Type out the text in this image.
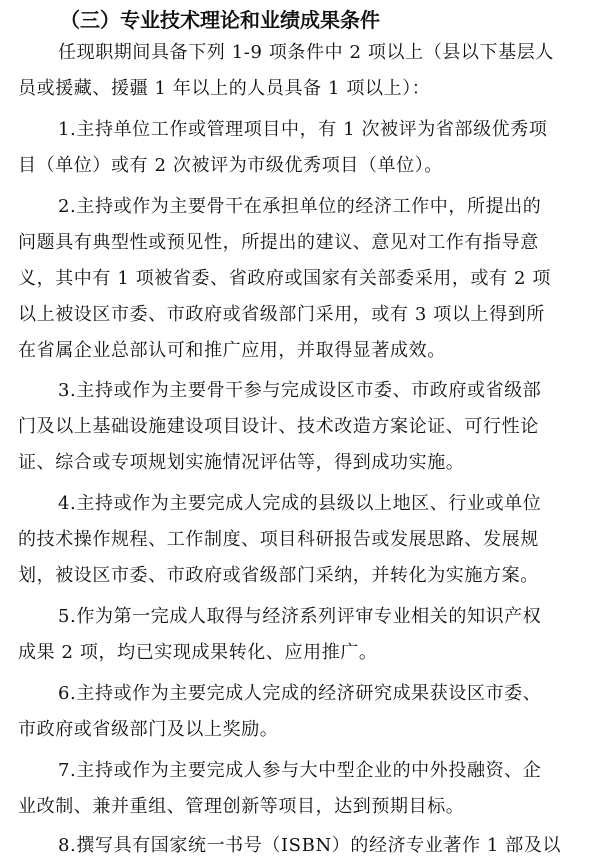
（三）专业技术理论和业绩成果条件
任现职期间具备下列 1-9 项条件中 2 项以上（县以下基层人
员或援藏、援疆 1 年以上的人员具备 1 项以上）：
1.主持单位工作或管理项目中，有 1 次被评为省部级优秀项
目（单位）或有 2 次被评为市级优秀项目（单位）。
2.主持或作为主要骨干在承担单位的经济工作中，所提出的
问题具有典型性或预见性，所提出的建议、意见对工作有指导意
义，其中有 1 项被省委、省政府或国家有关部委采用，或有 2 项
以上被设区市委、市政府或省级部门采用，或有 3 项以上得到所
在省属企业总部认可和推广应用，并取得显著成效。
3.主持或作为主要骨干参与完成设区市委、市政府或省级部
门及以上基础设施建设项目设计、技术改造方案论证、可行性论
证、综合或专项规划实施情况评估等，得到成功实施。
4.主持或作为主要完成人完成的县级以上地区、行业或单位
的技术操作规程、工作制度、项目科研报告或发展思路、发展规
划，被设区市委、市政府或省级部门采纳，并转化为实施方案。
5.作为第一完成人取得与经济系列评审专业相关的知识产权
成果 2 项，均已实现成果转化、应用推广。
6.主持或作为主要完成人完成的经济研究成果获设区市委、
市政府或省级部门及以上奖励。
7.主持或作为主要完成人参与大中型企业的中外投融资、企
业改制、兼并重组、管理创新等项目，达到预期目标。
8.撰写具有国家统一书号（ISBN）的经济专业著作 1 部及以
